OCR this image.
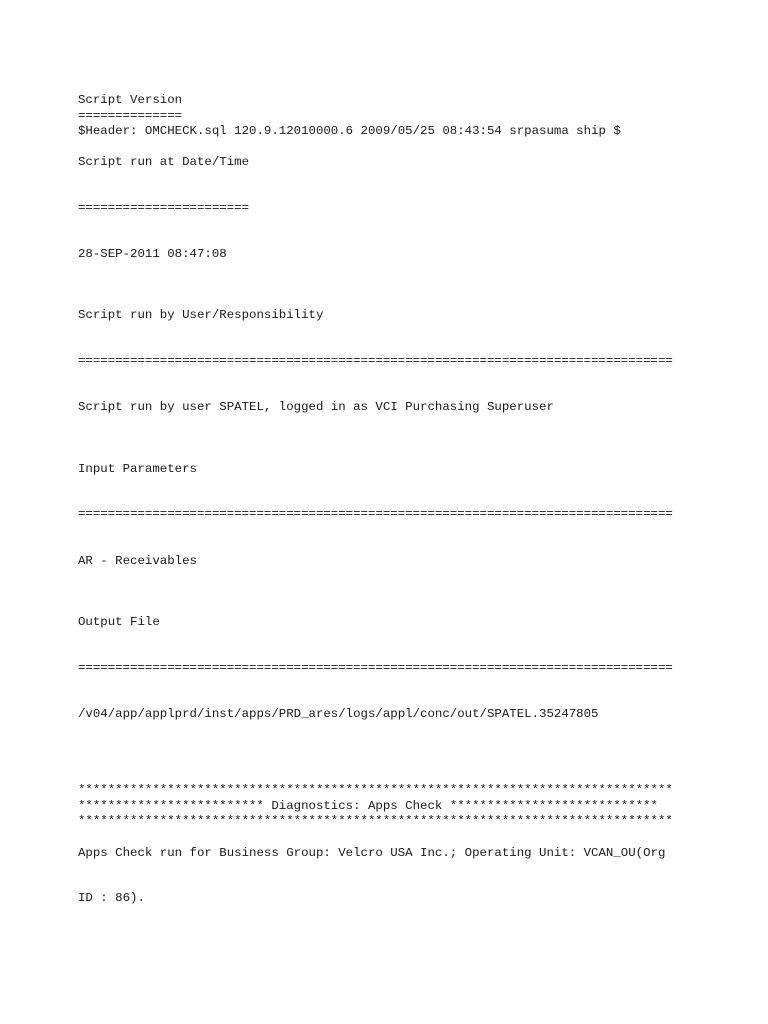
Script Version

==============

$Header: OMCHECK.sql 120.9.12010000.6 2009/05/25 08:43:54 srpasuma ship $

Script run at Date/Time

=======================

28-SEP-2011 08:47:08

Script run by User/Responsibility

================================================================================

Script run by user SPATEL, logged in as VCI Purchasing Superuser

Input Parameters

================================================================================

AR - Receivables

Output File

================================================================================

/v04/app/applprd/inst/apps/PRD_ares/logs/appl/conc/out/SPATEL.35247805

********************************************************************************

************************* Diagnostics: Apps Check ****************************

********************************************************************************

Apps Check run for Business Group: Velcro USA Inc.; Operating Unit: VCAN_OU(Org

ID : 86).
